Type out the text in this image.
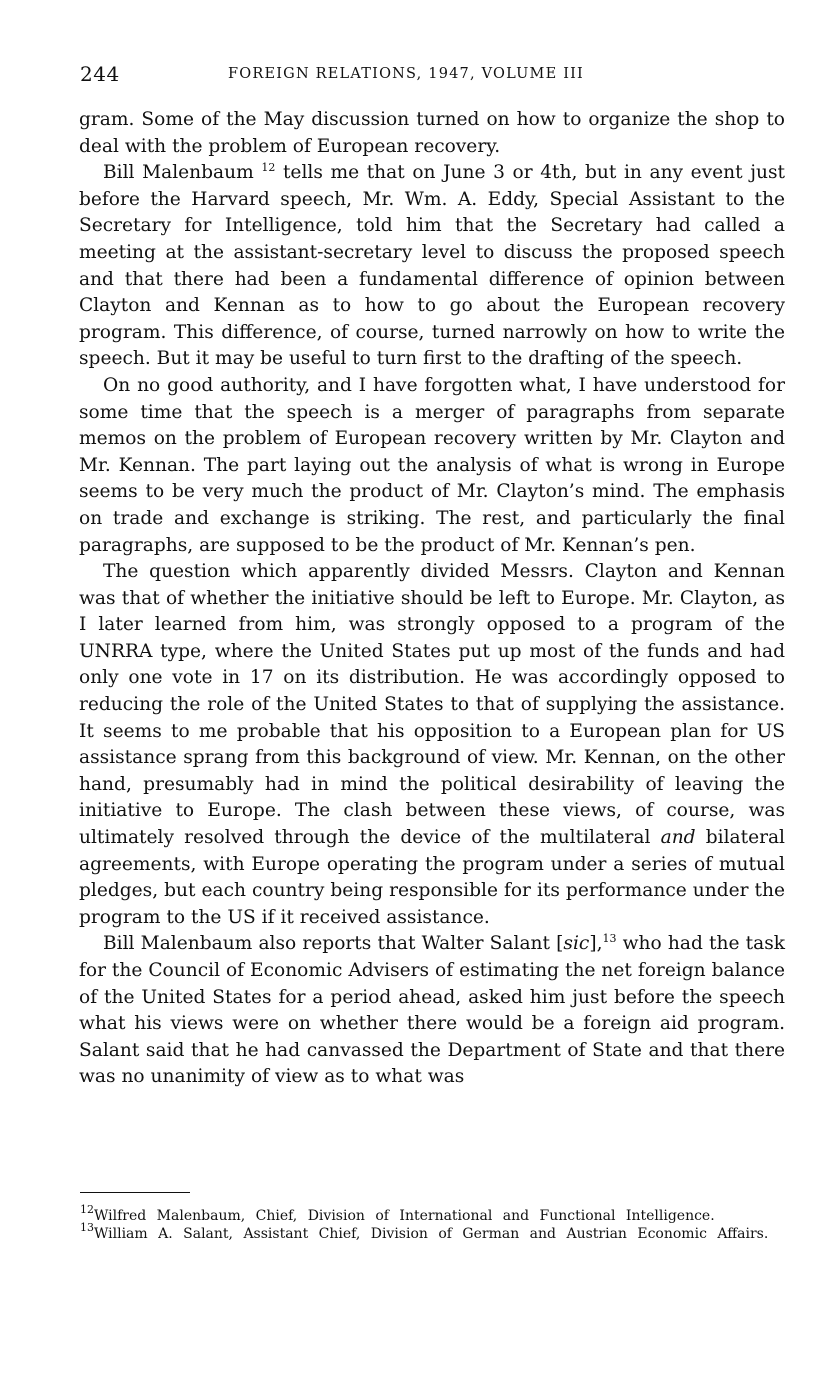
244	FOREIGN RELATIONS, 1947, VOLUME III

gram. Some of the May discussion turned on how to organize the shop to deal with the problem of European recovery.

Bill Malenbaum $^{12}$ tells me that on June 3 or 4th, but in any event just before the Harvard speech, Mr. Wm. A. Eddy, Special Assistant to the Secretary for Intelligence, told him that the Secretary had called a meeting at the assistant-secretary level to discuss the proposed speech and that there had been a fundamental difference of opinion between Clayton and Kennan as to how to go about the European recovery program. This difference, of course, turned narrowly on how to write the speech. But it may be useful to turn first to the drafting of the speech.

On no good authority, and I have forgotten what, I have understood for some time that the speech is a merger of paragraphs from separate memos on the problem of European recovery written by Mr. Clayton and Mr. Kennan. The part laying out the analysis of what is wrong in Europe seems to be very much the product of Mr. Clayton’s mind. The emphasis on trade and exchange is striking. The rest, and particularly the final paragraphs, are supposed to be the product of Mr. Kennan’s pen.

The question which apparently divided Messrs. Clayton and Kennan was that of whether the initiative should be left to Europe. Mr. Clayton, as I later learned from him, was strongly opposed to a program of the UNRRA type, where the United States put up most of the funds and had only one vote in 17 on its distribution. He was accordingly opposed to reducing the role of the United States to that of supplying the assistance. It seems to me probable that his opposition to a European plan for US assistance sprang from this background of view. Mr. Kennan, on the other hand, presumably had in mind the political desirability of leaving the initiative to Europe. The clash between these views, of course, was ultimately resolved through the device of the multilateral and bilateral agreements, with Europe operating the program under a series of mutual pledges, but each country being responsible for its performance under the program to the US if it received assistance.

Bill Malenbaum also reports that Walter Salant [sic],$^{13}$ who had the task for the Council of Economic Advisers of estimating the net foreign balance of the United States for a period ahead, asked him just before the speech what his views were on whether there would be a foreign aid program. Salant said that he had canvassed the Department of State and that there was no unanimity of view as to what was

$^{12}$Wilfred Malenbaum, Chief, Division of International and Functional Intelligence.

$^{13}$William A. Salant, Assistant Chief, Division of German and Austrian Economic Affairs.
